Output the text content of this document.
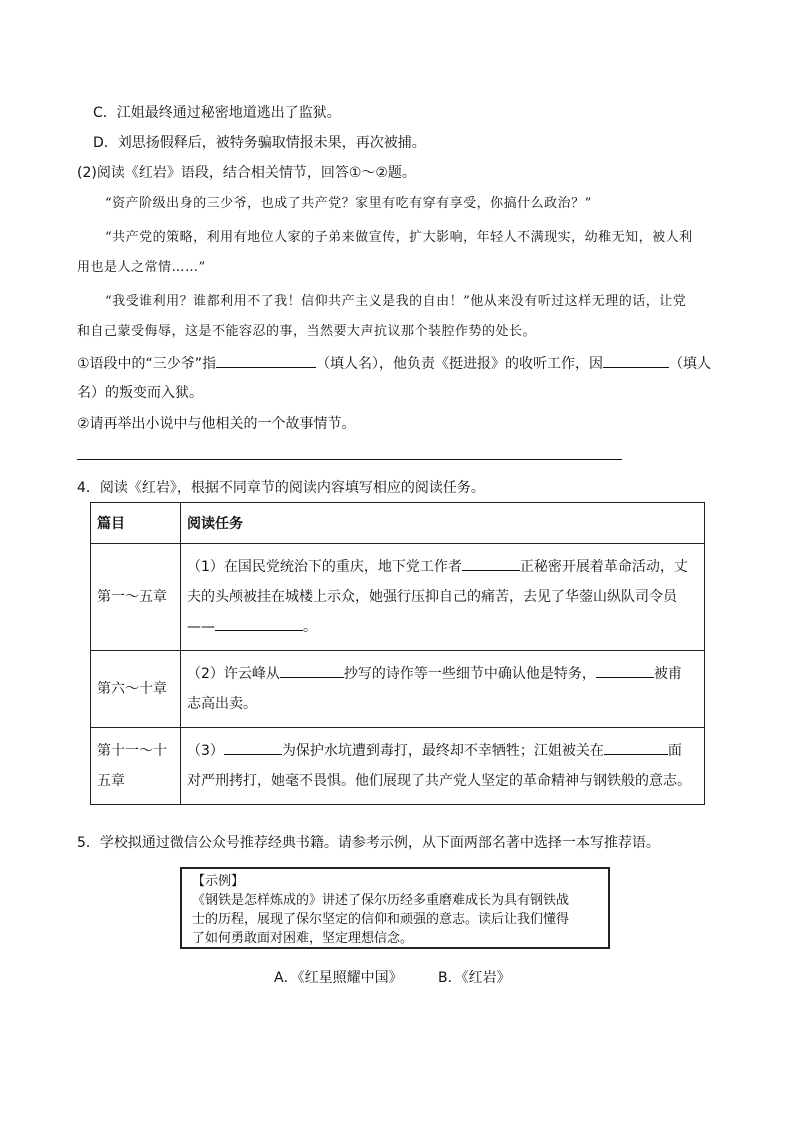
C．江姐最终通过秘密地道逃出了监狱。
D．刘思扬假释后，被特务骗取情报未果，再次被捕。
(2)阅读《红岩》语段，结合相关情节，回答①～②题。
“资产阶级出身的三少爷，也成了共产党？家里有吃有穿有享受，你搞什么政治？”
“共产党的策略，利用有地位人家的子弟来做宣传，扩大影响，年轻人不满现实，幼稚无知，被人利
用也是人之常情……”
“我受谁利用？谁都利用不了我！信仰共产主义是我的自由！”他从来没有听过这样无理的话，让党
和自己蒙受侮辱，这是不能容忍的事，当然要大声抗议那个装腔作势的处长。
①语段中的“三少爷”指	（填人名），他负责《挺进报》的收听工作，因	（填人
名）的叛变而入狱。
②请再举出小说中与他相关的一个故事情节。
4．阅读《红岩》，根据不同章节的阅读内容填写相应的阅读任务。
篇目	阅读任务
第一～五章	（1）在国民党统治下的重庆，地下党工作者 正秘密开展着革命活动，丈夫的头颅被挂在城楼上示众，她强行压抑自己的痛苦，去见了华蓥山纵队司令员
—— 。
第六～十章	（2）许云峰从 抄写的诗作等一些细节中确认他是特务， 被甫
志高出卖。
第十一～十五章	（3） 为保护水坑遭到毒打，最终却不幸牺牲；江姐被关在 面
对严刑拷打，她毫不畏惧。他们展现了共产党人坚定的革命精神与钢铁般的意志。
5．学校拟通过微信公众号推荐经典书籍。请参考示例，从下面两部名著中选择一本写推荐语。
【示例】
《钢铁是怎样炼成的》讲述了保尔历经多重磨难成长为具有钢铁战
士的历程，展现了保尔坚定的信仰和顽强的意志。读后让我们懂得
了如何勇敢面对困难，坚定理想信念。
A．《红星照耀中国》	B．《红岩》
